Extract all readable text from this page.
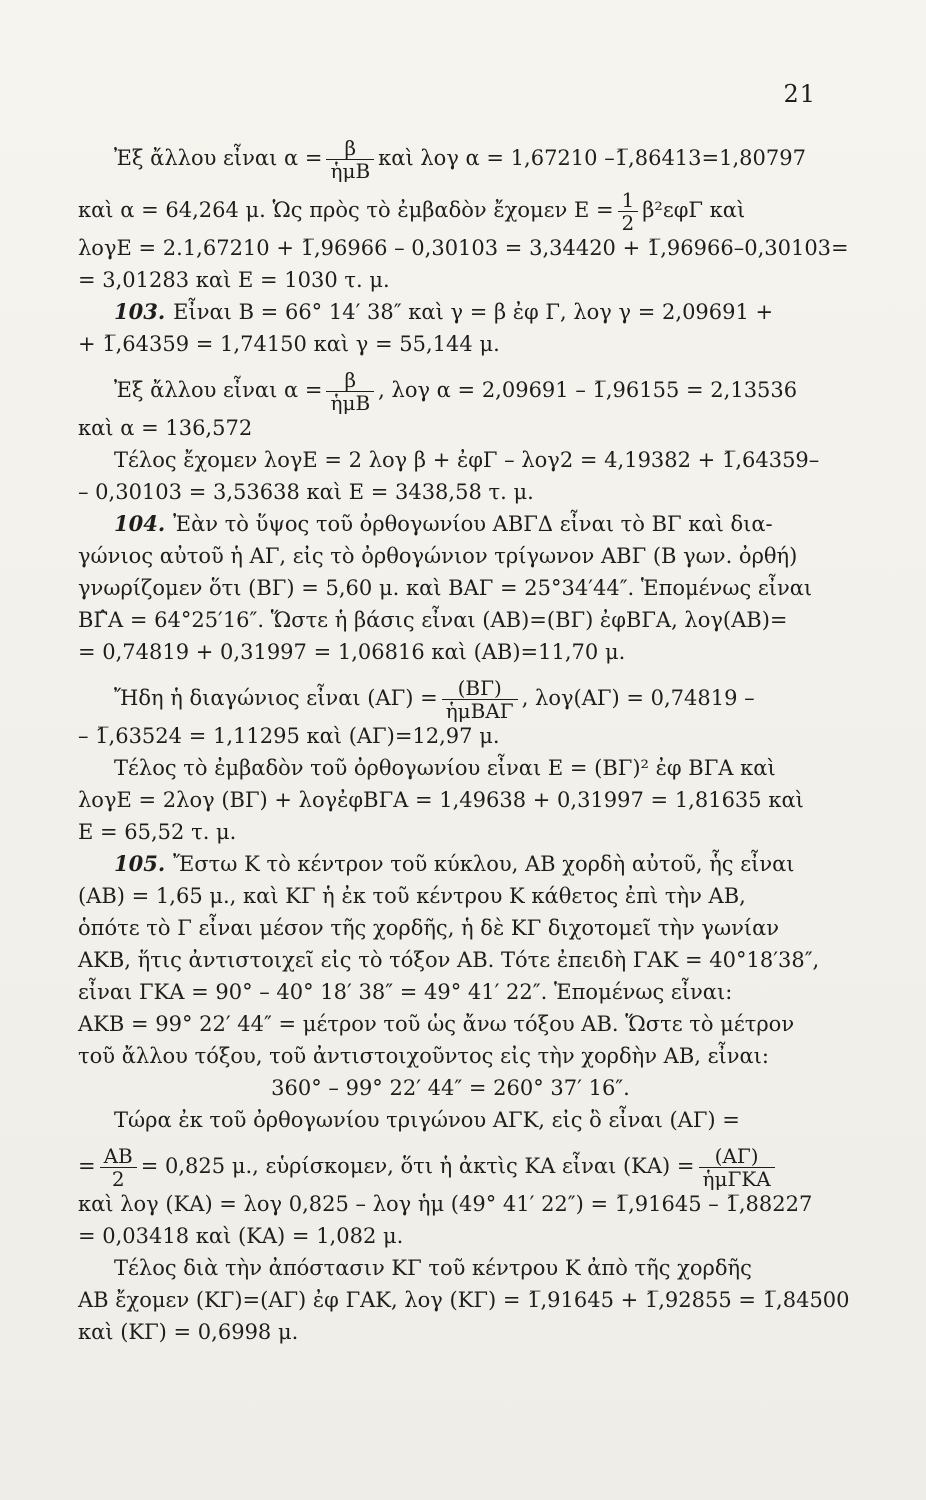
21
Ἐξ ἄλλου εἶναι $\alpha = \frac{\beta}{\text{ἡμΒ}}$ καὶ λογ α = 1,67210 –1̅,86413=1,80797
καὶ α = 64,264 μ. Ὡς πρὸς τὸ ἐμβαδὸν ἔχομεν $E = \frac{1}{2} \beta^2\varepsilon\varphi\Gamma$ καὶ
λογΕ = 2.1,67210 + 1̅,96966 – 0,30103 = 3,34420 + 1̅,96966–0,30103=
= 3,01283 καὶ Ε = 1030 τ. μ.
103. Εἶναι Β = 66° 14′ 38″ καὶ γ = β ἐφ Γ, λογ γ = 2,09691 +
+ 1̅,64359 = 1,74150 καὶ γ = 55,144 μ.
Ἐξ ἄλλου εἶναι $\alpha = \frac{\beta}{\text{ἡμΒ}}$ , λογ α = 2,09691 – 1̅,96155 = 2,13536
καὶ α = 136,572
Τέλος ἔχομεν λογΕ = 2 λογ β + ἐφΓ – λογ2 = 4,19382 + 1̅,64359–
– 0,30103 = 3,53638 καὶ Ε = 3438,58 τ. μ.
104. Ἐὰν τὸ ὕψος τοῦ ὀρθογωνίου ΑΒΓΔ εἶναι τὸ ΒΓ καὶ δια-
γώνιος αὐτοῦ ἡ ΑΓ, εἰς τὸ ὀρθογώνιον τρίγωνον ΑΒΓ (Β γων. ὀρθή)
γνωρίζομεν ὅτι (ΒΓ) = 5,60 μ. καὶ ΒΑΓ = 25°34′44″. Ἑπομένως εἶναι
ΒΓ̂Α = 64°25′16″. Ὥστε ἡ βάσις εἶναι (ΑΒ)=(ΒΓ) ἐφΒΓΑ, λογ(ΑΒ)=
= 0,74819 + 0,31997 = 1,06816 καὶ (ΑΒ)=11,70 μ.
Ἤδη ἡ διαγώνιος εἶναι $(A\Gamma) = \frac{(B\Gamma)}{\text{ἡμΒΑΓ}}$ , λογ(ΑΓ) = 0,74819 –
– 1̅,63524 = 1,11295 καὶ (ΑΓ)=12,97 μ.
Τέλος τὸ ἐμβαδὸν τοῦ ὀρθογωνίου εἶναι Ε = (ΒΓ)² ἐφ ΒΓΑ καὶ
λογΕ = 2λογ (ΒΓ) + λογἐφΒΓΑ = 1,49638 + 0,31997 = 1,81635 καὶ
Ε = 65,52 τ. μ.
105. Ἔστω Κ τὸ κέντρον τοῦ κύκλου, ΑΒ χορδὴ αὐτοῦ, ἧς εἶναι
(ΑΒ) = 1,65 μ., καὶ ΚΓ ἡ ἐκ τοῦ κέντρου Κ κάθετος ἐπὶ τὴν ΑΒ,
ὁπότε τὸ Γ εἶναι μέσον τῆς χορδῆς, ἡ δὲ ΚΓ διχοτομεῖ τὴν γωνίαν
ΑΚΒ, ἥτις ἀντιστοιχεῖ εἰς τὸ τόξον ΑΒ. Τότε ἐπειδὴ ΓΑΚ = 40°18′38″,
εἶναι ΓΚΑ = 90° – 40° 18′ 38″ = 49° 41′ 22″. Ἑπομένως εἶναι:
ΑΚΒ = 99° 22′ 44″ = μέτρον τοῦ ὡς ἄνω τόξου ΑΒ. Ὥστε τὸ μέτρον
τοῦ ἄλλου τόξου, τοῦ ἀντιστοιχοῦντος εἰς τὴν χορδὴν ΑΒ, εἶναι:
360° – 99° 22′ 44″ = 260° 37′ 16″.
Τώρα ἐκ τοῦ ὀρθογωνίου τριγώνου ΑΓΚ, εἰς ὃ εἶναι (ΑΓ) =
= $\frac{AB}{2} = 0,825$ μ., εὑρίσκομεν, ὅτι ἡ ἀκτὶς ΚΑ εἶναι $(KA) = \frac{(A\Gamma)}{\text{ἡμΓΚΑ}}$
καὶ λογ (ΚΑ) = λογ 0,825 – λογ ἡμ (49° 41′ 22″) = 1̅,91645 – 1̅,88227
= 0,03418 καὶ (ΚΑ) = 1,082 μ.
Τέλος διὰ τὴν ἀπόστασιν ΚΓ τοῦ κέντρου Κ ἀπὸ τῆς χορδῆς
ΑΒ ἔχομεν (ΚΓ)=(ΑΓ) ἐφ ΓΑΚ, λογ (ΚΓ) = 1̅,91645 + 1̅,92855 = 1̅,84500
καὶ (ΚΓ) = 0,6998 μ.
